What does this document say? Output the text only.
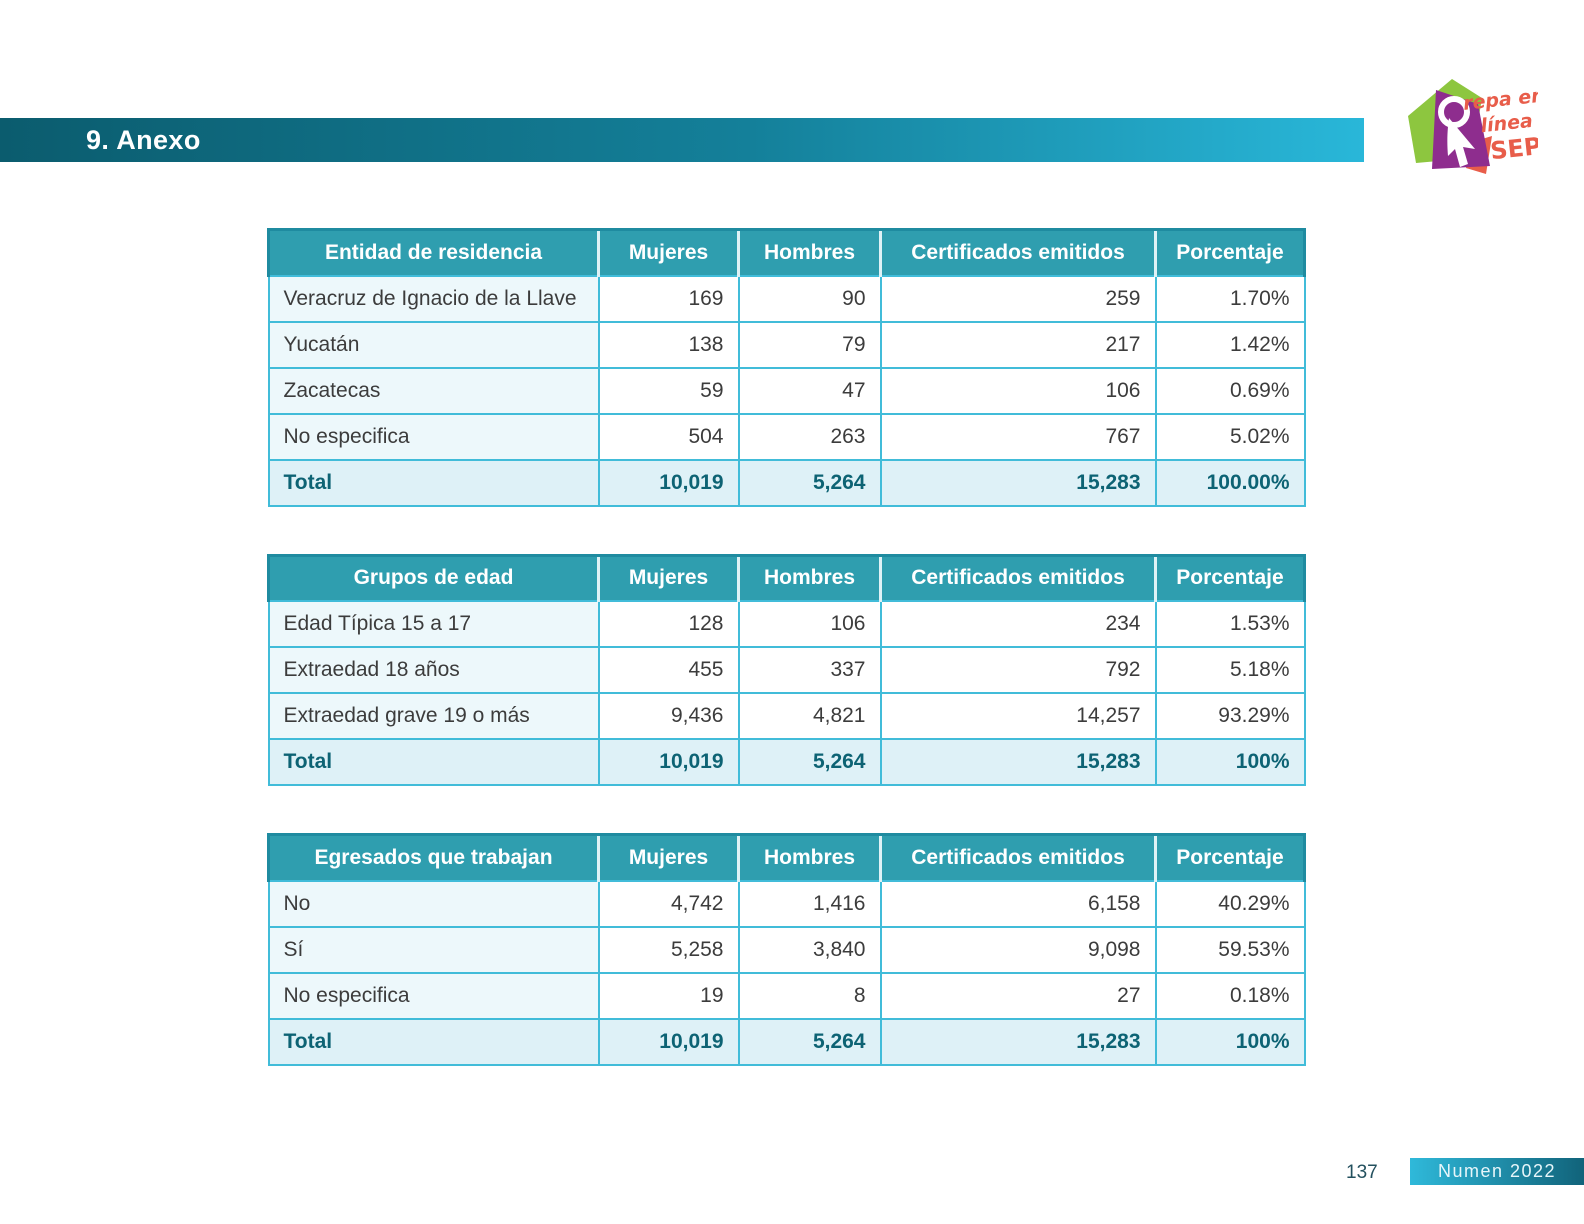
9. Anexo
repa en
línea
SEP
Entidad de residencia	Mujeres	Hombres	Certificados emitidos	Porcentaje
Veracruz de Ignacio de la Llave	169	90	259	1.70%
Yucatán	138	79	217	1.42%
Zacatecas	59	47	106	0.69%
No especifica	504	263	767	5.02%
Total	10,019	5,264	15,283	100.00%
Grupos de edad	Mujeres	Hombres	Certificados emitidos	Porcentaje
Edad Típica 15 a 17	128	106	234	1.53%
Extraedad 18 años	455	337	792	5.18%
Extraedad grave 19 o más	9,436	4,821	14,257	93.29%
Total	10,019	5,264	15,283	100%
Egresados que trabajan	Mujeres	Hombres	Certificados emitidos	Porcentaje
No	4,742	1,416	6,158	40.29%
Sí	5,258	3,840	9,098	59.53%
No especifica	19	8	27	0.18%
Total	10,019	5,264	15,283	100%
137	Numen 2022
